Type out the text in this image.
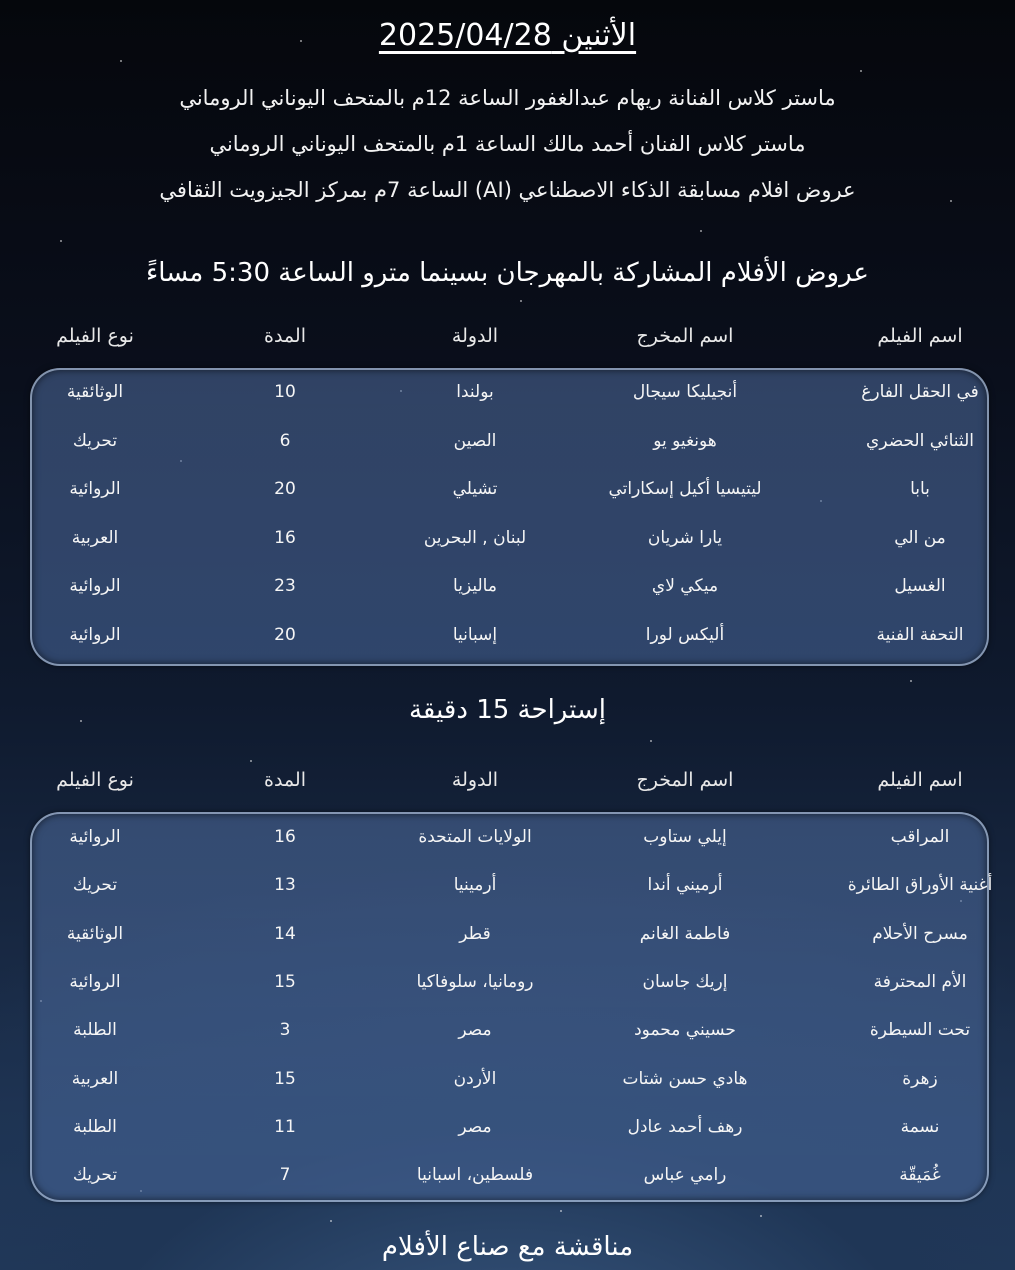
الأثنين 2025/04/28
ماستر كلاس الفنانة ريهام عبدالغفور الساعة 12م بالمتحف اليوناني الروماني
ماستر كلاس الفنان أحمد مالك الساعة 1م بالمتحف اليوناني الروماني
عروض افلام مسابقة الذكاء الاصطناعي (AI) الساعة 7م بمركز الجيزويت الثقافي
عروض الأفلام المشاركة بالمهرجان بسينما مترو الساعة 5:30 مساءً
اسم الفيلم
اسم المخرج
الدولة
المدة
نوع الفيلم
في الحقل الفارغ
أنجيليكا سيجال
بولندا
10
الوثائقية
الثنائي الحضري
هونغيو يو
الصين
6
تحريك
بابا
ليتيسيا أكيل إسكاراتي
تشيلي
20
الروائية
من الي
يارا شريان
لبنان , البحرين
16
العربية
الغسيل
ميكي لاي
ماليزيا
23
الروائية
التحفة الفنية
أليكس لورا
إسبانيا
20
الروائية
إستراحة 15 دقيقة
اسم الفيلم
اسم المخرج
الدولة
المدة
نوع الفيلم
المراقب
إيلي ستاوب
الولايات المتحدة
16
الروائية
أغنية الأوراق الطائرة
أرميني أندا
أرمينيا
13
تحريك
مسرح الأحلام
فاطمة الغانم
قطر
14
الوثائقية
الأم المحترفة
إريك جاسان
رومانيا، سلوفاكيا
15
الروائية
تحت السيطرة
حسيني محمود
مصر
3
الطلبة
زهرة
هادي حسن شتات
الأردن
15
العربية
نسمة
رهف أحمد عادل
مصر
11
الطلبة
غُمَيقّة
رامي عباس
فلسطين، اسبانيا
7
تحريك
مناقشة مع صناع الأفلام
